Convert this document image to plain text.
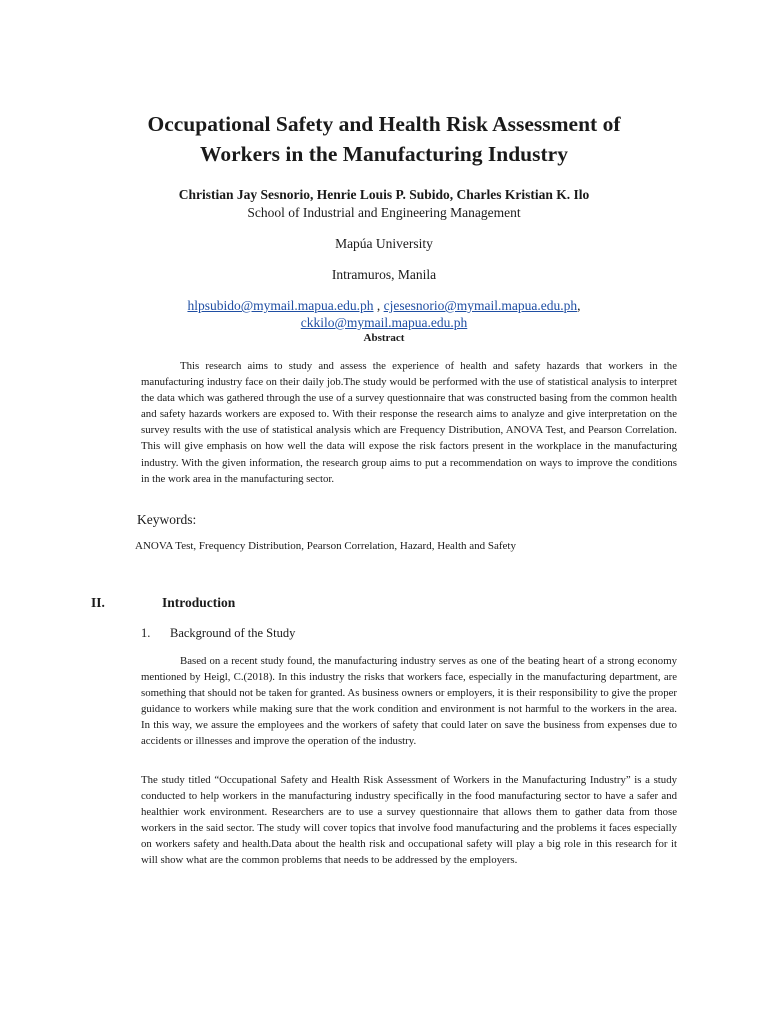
Occupational Safety and Health Risk Assessment of
Workers in the Manufacturing Industry
Christian Jay Sesnorio, Henrie Louis P. Subido, Charles Kristian K. Ilo
School of Industrial and Engineering Management
Mapúa University
Intramuros, Manila
hlpsubido@mymail.mapua.edu.ph , cjesesnorio@mymail.mapua.edu.ph,
ckkilo@mymail.mapua.edu.ph
Abstract

This research aims to study and assess the experience of health and safety hazards that workers in the manufacturing industry face on their daily job.The study would be performed with the use of statistical analysis to interpret the data which was gathered through the use of a survey questionnaire that was constructed basing from the common health and safety hazards workers are exposed to. With their response the research aims to analyze and give interpretation on the survey results with the use of statistical analysis which are Frequency Distribution, ANOVA Test, and Pearson Correlation. This will give emphasis on how well the data will expose the risk factors present in the workplace in the manufacturing industry. With the given information, the research group aims to put a recommendation on ways to improve the conditions in the work area in the manufacturing sector.

Keywords:
ANOVA Test, Frequency Distribution, Pearson Correlation, Hazard, Health and Safety
II.	Introduction
1. Background of the Study

Based on a recent study found, the manufacturing industry serves as one of the beating heart of a strong economy mentioned by Heigl, C.(2018). In this industry the risks that workers face, especially in the manufacturing department, are something that should not be taken for granted. As business owners or employers, it is their responsibility to give the proper guidance to workers while making sure that the work condition and environment is not harmful to the workers in the area. In this way, we assure the employees and the workers of safety that could later on save the business from expenses due to accidents or illnesses and improve the operation of the industry.

The study titled “Occupational Safety and Health Risk Assessment of Workers in the Manufacturing Industry” is a study conducted to help workers in the manufacturing industry specifically in the food manufacturing sector to have a safer and healthier work environment. Researchers are to use a survey questionnaire that allows them to gather data from those workers in the said sector. The study will cover topics that involve food manufacturing and the problems it faces especially on workers safety and health.Data about the health risk and occupational safety will play a big role in this research for it will show what are the common problems that needs to be addressed by the employers.
